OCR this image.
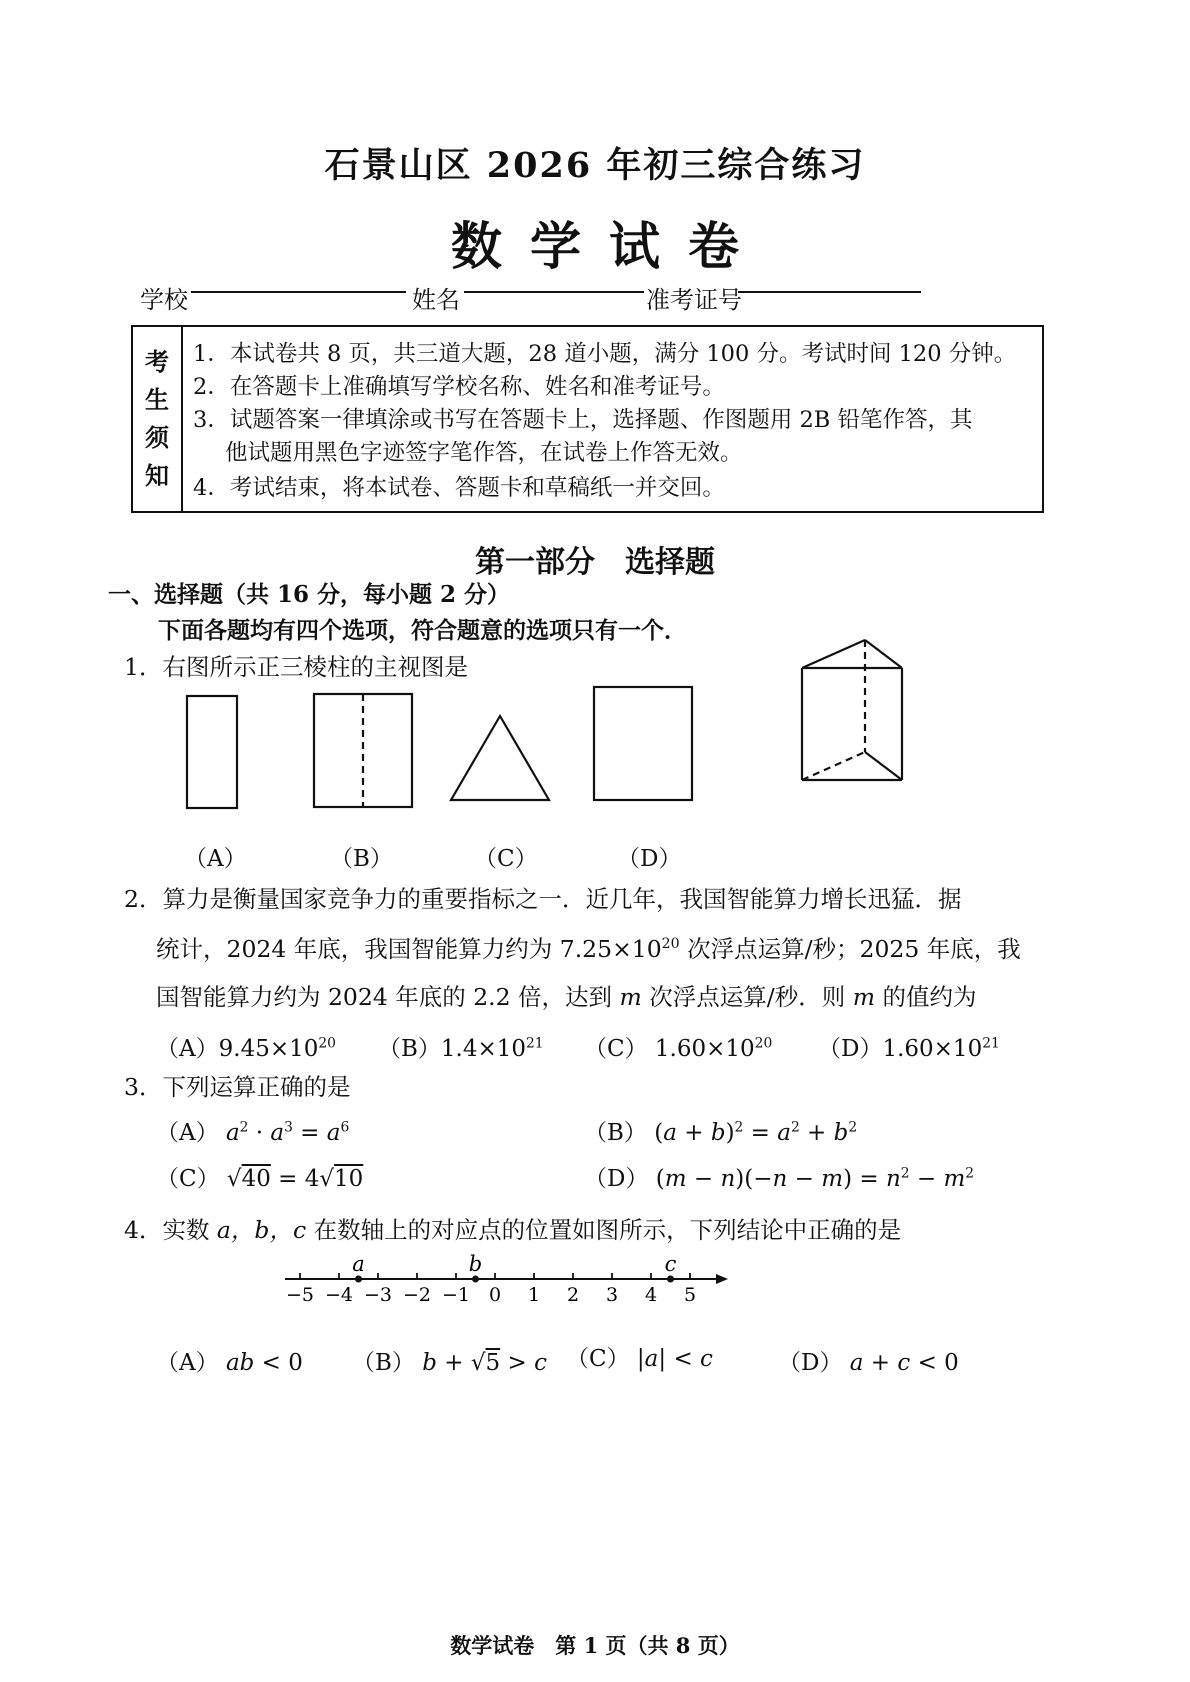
石景山区 2026 年初三综合练习
数学试卷
学校	姓名	准考证号
考
生
须
知
1．本试卷共 8 页，共三道大题，28 道小题，满分 100 分。考试时间 120 分钟。
2．在答题卡上准确填写学校名称、姓名和准考证号。
3．试题答案一律填涂或书写在答题卡上，选择题、作图题用 2B 铅笔作答，其
他试题用黑色字迹签字笔作答，在试卷上作答无效。
4．考试结束，将本试卷、答题卡和草稿纸一并交回。
第一部分　选择题
一、选择题（共 16 分，每小题 2 分）
下面各题均有四个选项，符合题意的选项只有一个．
1．右图所示正三棱柱的主视图是
（A）	（B）	（C）	（D）
2．算力是衡量国家竞争力的重要指标之一．近几年，我国智能算力增长迅猛．据
统计，2024 年底，我国智能算力约为 $7.25\times 10^{20}$ 次浮点运算/秒；2025 年底，我
国智能算力约为 2024 年底的 2.2 倍，达到 m 次浮点运算/秒．则 m 的值约为
$(A)9.45\times 10^{20}$ $(B)1.4\times 10^{21}$ （C） $1.60\times 10^{20}$ $(D)1.60\times 10^{21}$
3．下列运算正确的是
（A） $a^2 \cdot a^3 = a^6$	（B） $(a + b)^2 = a^2 + b^2$
（C） √40 = 4√10	（D） $(m - n)(-n - m) = n^2 - m^2$
4．实数 a，b，c 在数轴上的对应点的位置如图所示，下列结论中正确的是
−5 −4 −3 −2 −1 0 1 2 3 4 5
a	b	c
（A） ab < 0 （B） b + √5 > c （C） |a| < c	（D） a + c < 0
数学试卷　第 1 页（共 8 页）
